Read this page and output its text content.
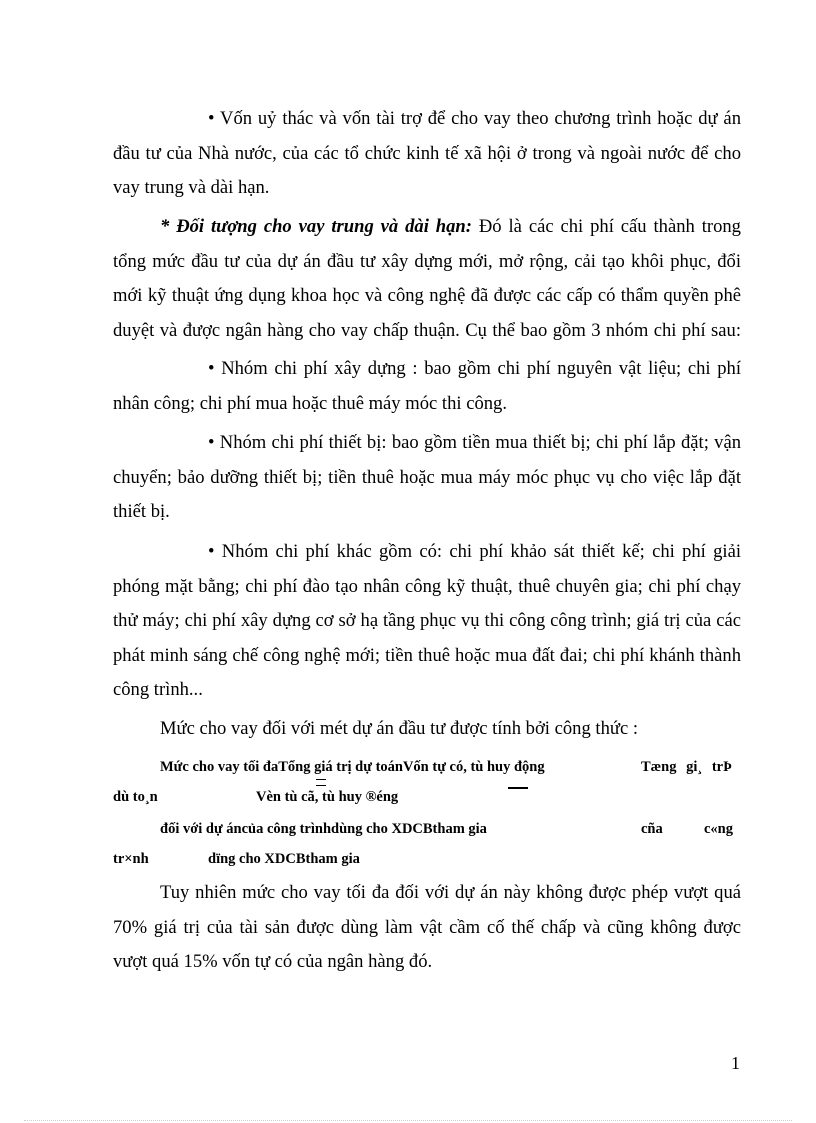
• Vốn uỷ thác và vốn tài trợ để cho vay theo chương trình hoặc dự án
đầu tư của Nhà nước, của các tổ chức kinh tế xã hội ở trong và ngoài nước để cho
vay trung và dài hạn.
* Đối tượng cho vay trung và dài hạn: Đó là các chi phí cấu thành trong
tổng mức đầu tư của dự án đầu tư xây dựng mới, mở rộng, cải tạo khôi phục, đổi
mới kỹ thuật ứng dụng khoa học và công nghệ đã được các cấp có thẩm quyền phê
duyệt và được ngân hàng cho vay chấp thuận. Cụ thể bao gồm 3 nhóm chi phí sau:
• Nhóm chi phí xây dựng : bao gồm chi phí nguyên vật liệu; chi phí
nhân công; chi phí mua hoặc thuê máy móc thi công.
• Nhóm chi phí thiết bị: bao gồm tiền mua thiết bị; chi phí lắp đặt; vận
chuyển; bảo dưỡng thiết bị; tiền thuê hoặc mua máy móc phục vụ cho việc lắp đặt
thiết bị.
• Nhóm chi phí khác gồm có: chi phí khảo sát thiết kế; chi phí giải
phóng mặt bằng; chi phí đào tạo nhân công kỹ thuật, thuê chuyên gia; chi phí chạy
thử máy; chi phí xây dựng cơ sở hạ tầng phục vụ thi công công trình; giá trị của các
phát minh sáng chế công nghệ mới; tiền thuê hoặc mua đất đai; chi phí khánh thành
công trình...
Mức cho vay đối với mét dự án đầu tư được tính bởi công thức :
Mức cho vay tối đaTổng giá trị dự toánVốn tự có, tù huy động	Tæng gi¸ trÞ
dù to¸n	Vèn tù cã, tù huy ®éng
đối với dự áncủa công trìnhdùng cho XDCBtham gia	cña	c«ng
tr×nh	dïng cho XDCBtham gia
Tuy nhiên mức cho vay tối đa đối với dự án này không được phép vượt quá
70% giá trị của tài sản được dùng làm vật cầm cố thế chấp và cũng không được
vượt quá 15% vốn tự có của ngân hàng đó.
1
